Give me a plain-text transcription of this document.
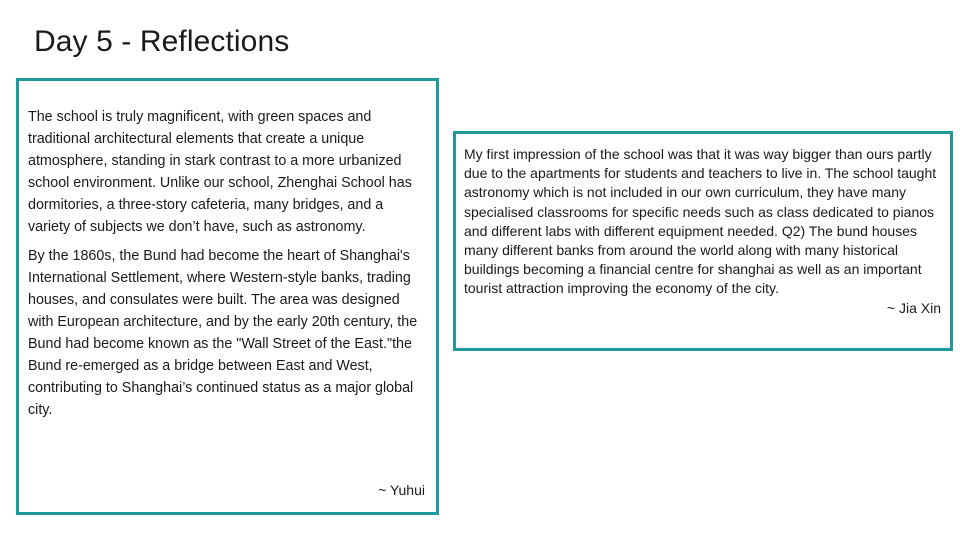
Day 5 - Reflections

The school is truly magnificent, with green spaces and traditional architectural elements that create a unique atmosphere, standing in stark contrast to a more urbanized school environment. Unlike our school, Zhenghai School has dormitories, a three-story cafeteria, many bridges, and a variety of subjects we don’t have, such as astronomy.

By the 1860s, the Bund had become the heart of Shanghai's International Settlement, where Western-style banks, trading houses, and consulates were built. The area was designed with European architecture, and by the early 20th century, the Bund had become known as the "Wall Street of the East."the Bund re-emerged as a bridge between East and West, contributing to Shanghai’s continued status as a major global city.

~ Yuhui

My first impression of the school was that it was way bigger than ours partly due to the apartments for students and teachers to live in. The school taught astronomy which is not included in our own curriculum, they have many specialised classrooms for specific needs such as class dedicated to pianos and different labs with different equipment needed. Q2) The bund houses many different banks from around the world along with many historical buildings becoming a financial centre for shanghai as well as an important tourist attraction improving the economy of the city.

~ Jia Xin
